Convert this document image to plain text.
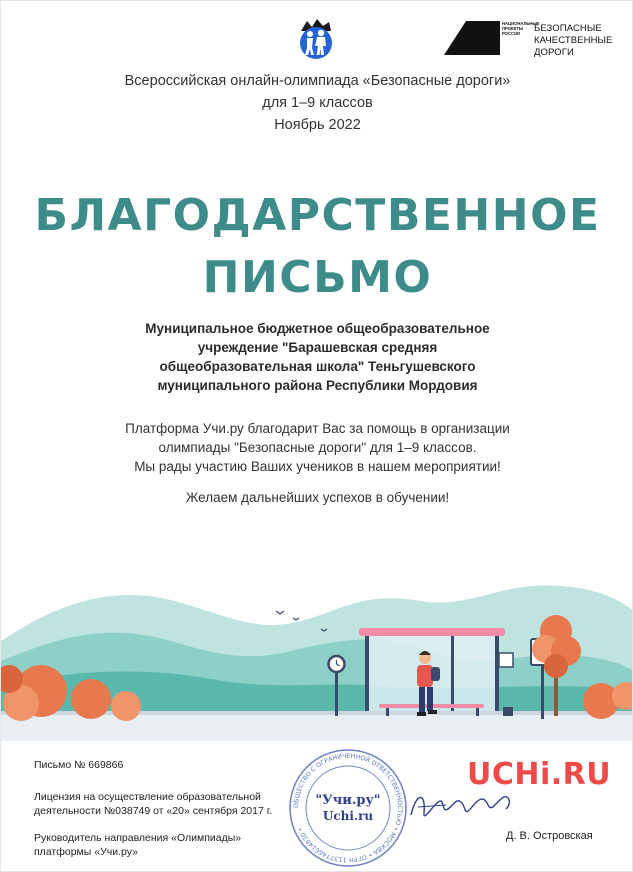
НАЦИОНАЛЬНЫЕ ПРОЕКТЫ РОССИИ	БЕЗОПАСНЫЕ
КАЧЕСТВЕННЫЕ ДОРОГИ
Всероссийская онлайн-олимпиада «Безопасные дороги»
для 1–9 классов
Ноябрь 2022
БЛАГОДАРСТВЕННОЕ
ПИСЬМО
Муниципальное бюджетное общеобразовательное
учреждение "Барашевская средняя
общеобразовательная школа" Теньгушевского
муниципального района Республики Мордовия
Платформа Учи.ру благодарит Вас за помощь в организации
олимпиады "Безопасные дороги" для 1–9 классов.
Мы рады участию Ваших учеников в нашем мероприятии!
Желаем дальнейших успехов в обучении!
Письмо № 669866
Лицензия на осуществление образовательной
деятельности №038749 от «20» сентября 2017 г.
Руководитель направления «Олимпиады»
платформы «Учи.ру»
ОБЩЕСТВО С ОГРАНИЧЕННОЙ ОТВЕТСТВЕННОСТЬЮ • МОСКВА • ОГРН 1137746614830 •
"Учи.ру"
Uchi.ru
UCHi.RU
Д. В. Островская
